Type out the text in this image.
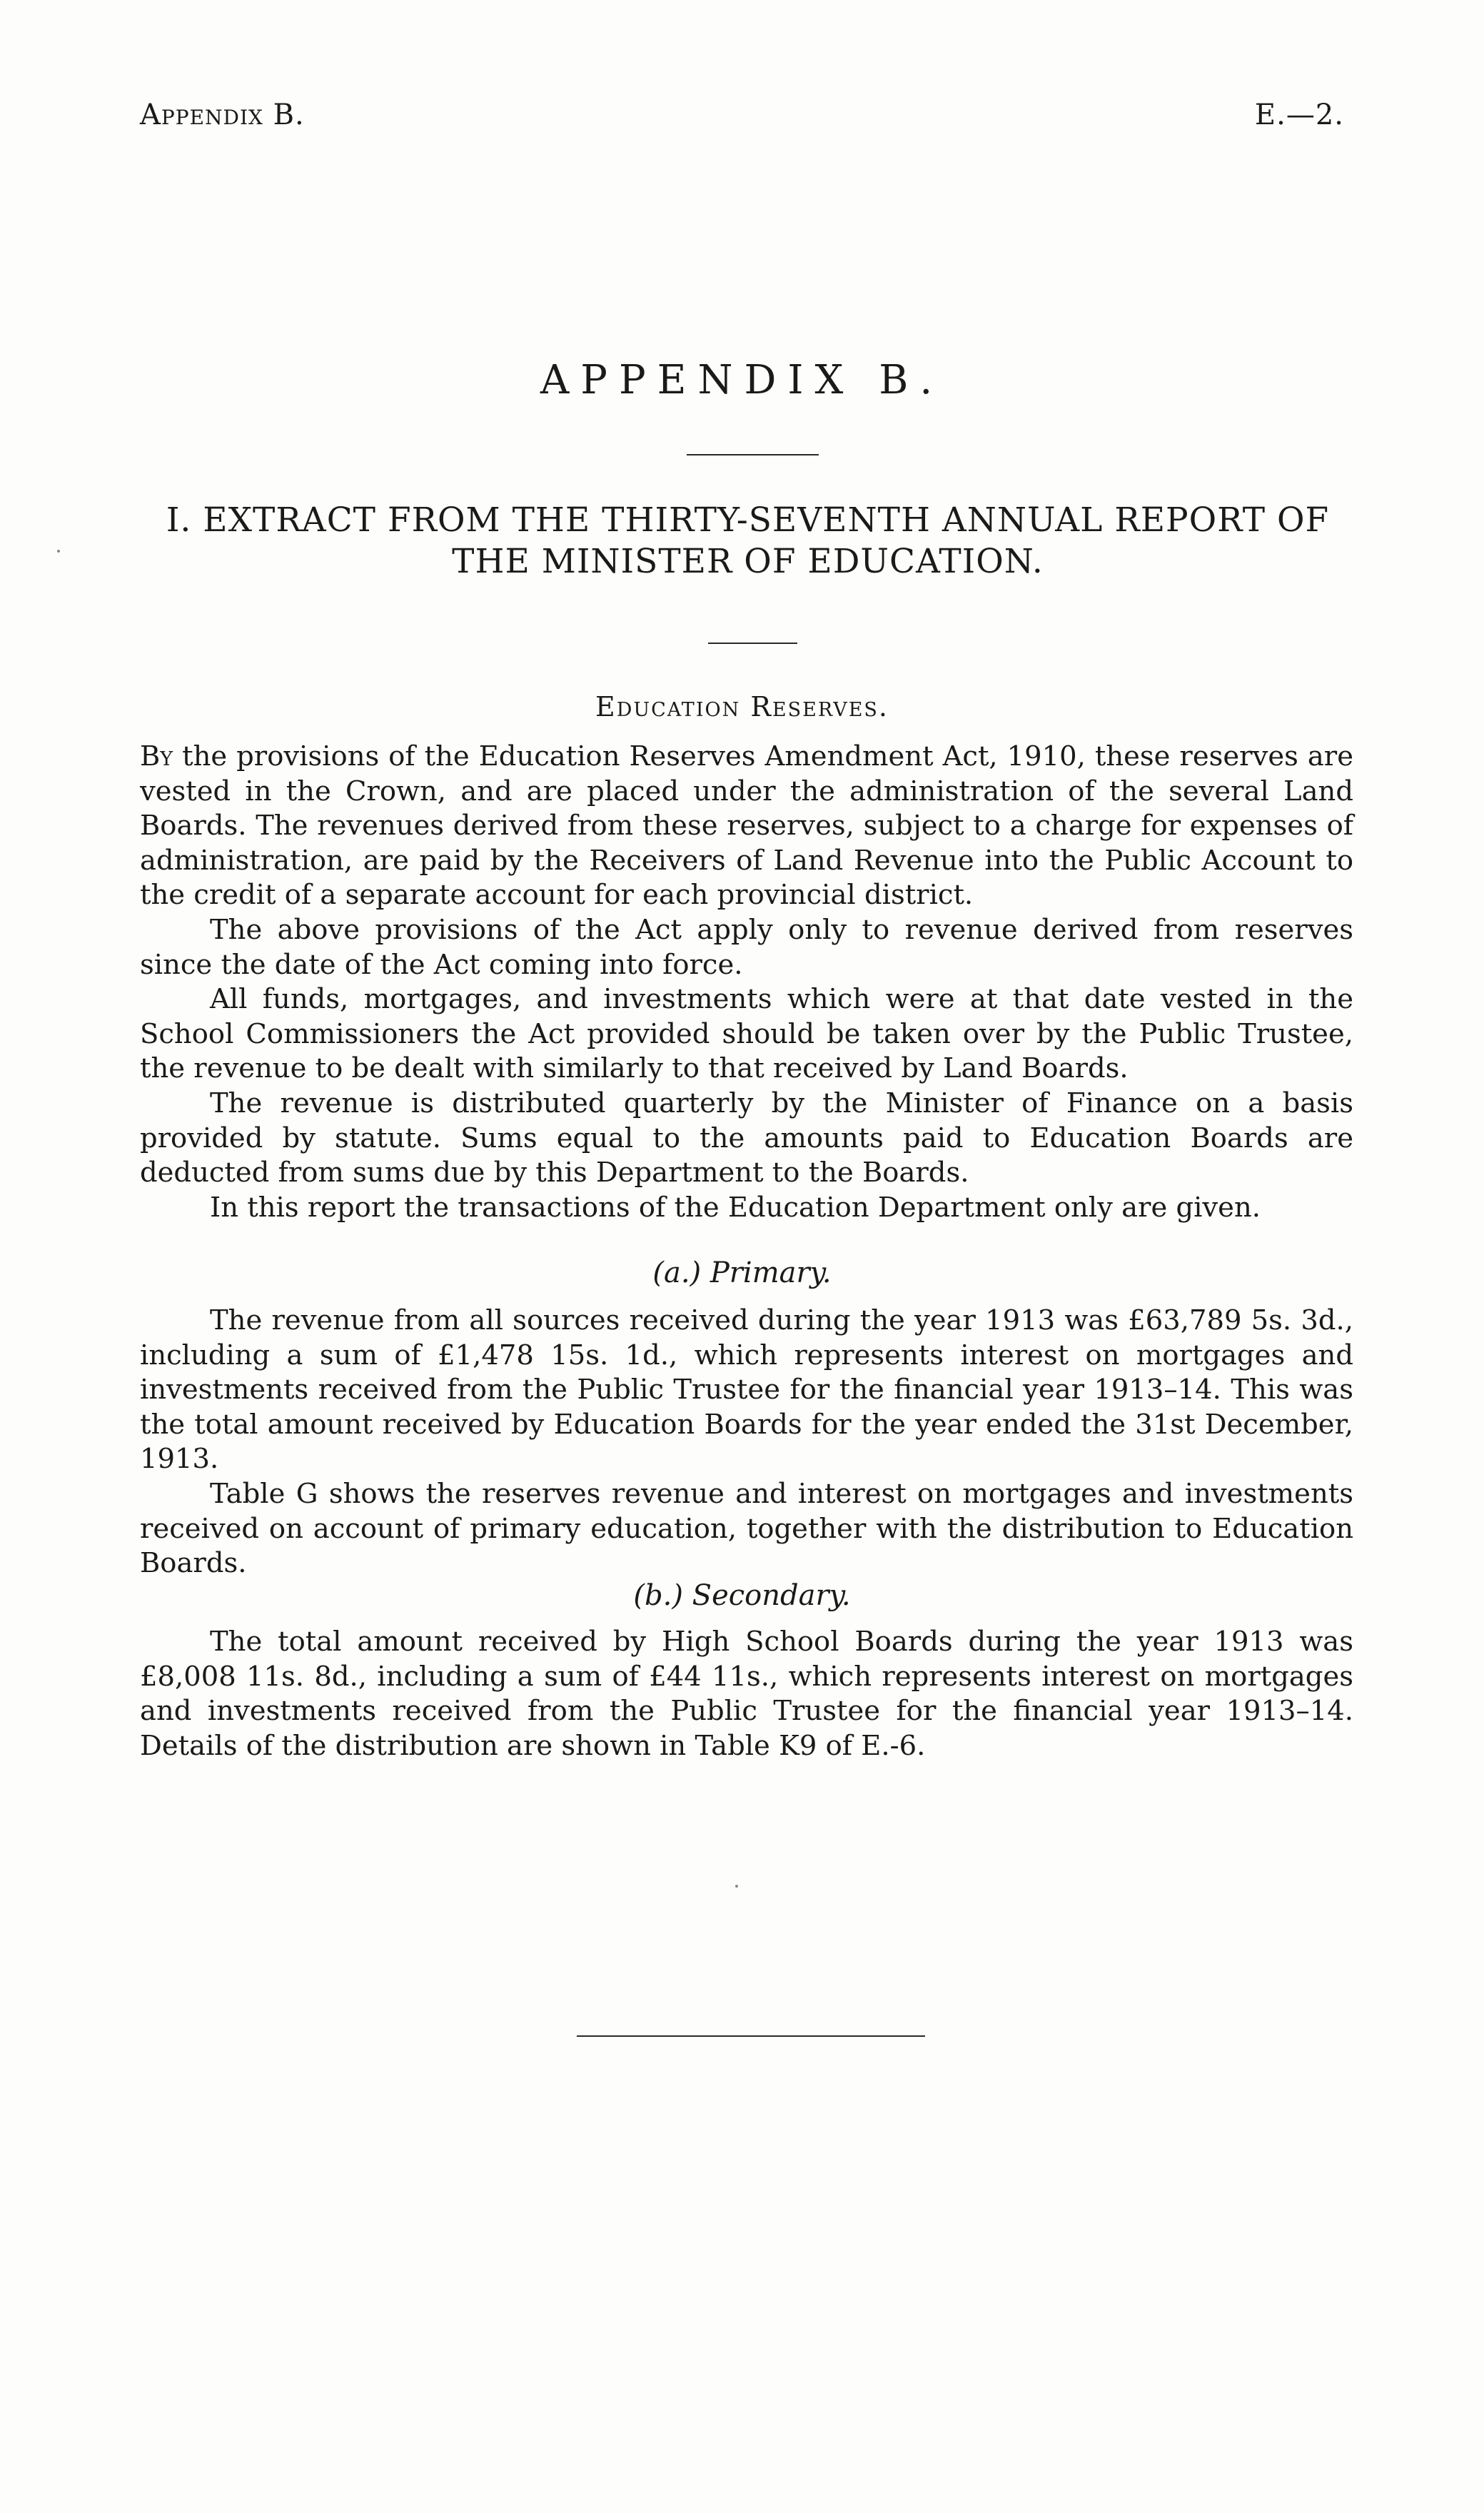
Appendix B.	E.—2.
APPENDIX B.
I. EXTRACT FROM THE THIRTY-SEVENTH ANNUAL REPORT OF THE MINISTER OF EDUCATION.
Education Reserves.

By the provisions of the Education Reserves Amendment Act, 1910, these reserves are vested in the Crown, and are placed under the administration of the several Land Boards. The revenues derived from these reserves, subject to a charge for expenses of administration, are paid by the Receivers of Land Revenue into the Public Account to the credit of a separate account for each provincial district.

The above provisions of the Act apply only to revenue derived from reserves since the date of the Act coming into force.

All funds, mortgages, and investments which were at that date vested in the School Commissioners the Act provided should be taken over by the Public Trustee, the revenue to be dealt with similarly to that received by Land Boards.

The revenue is distributed quarterly by the Minister of Finance on a basis provided by statute. Sums equal to the amounts paid to Education Boards are deducted from sums due by this Department to the Boards.

In this report the transactions of the Education Department only are given.

(a.) Primary.

The revenue from all sources received during the year 1913 was £63,789 5s. 3d., including a sum of £1,478 15s. 1d., which represents interest on mortgages and investments received from the Public Trustee for the financial year 1913–14. This was the total amount received by Education Boards for the year ended the 31st December, 1913.

Table G shows the reserves revenue and interest on mortgages and investments received on account of primary education, together with the distribution to Education Boards.

(b.) Secondary.

The total amount received by High School Boards during the year 1913 was £8,008 11s. 8d., including a sum of £44 11s., which represents interest on mortgages and investments received from the Public Trustee for the financial year 1913–14. Details of the distribution are shown in Table K9 of E.-6.
